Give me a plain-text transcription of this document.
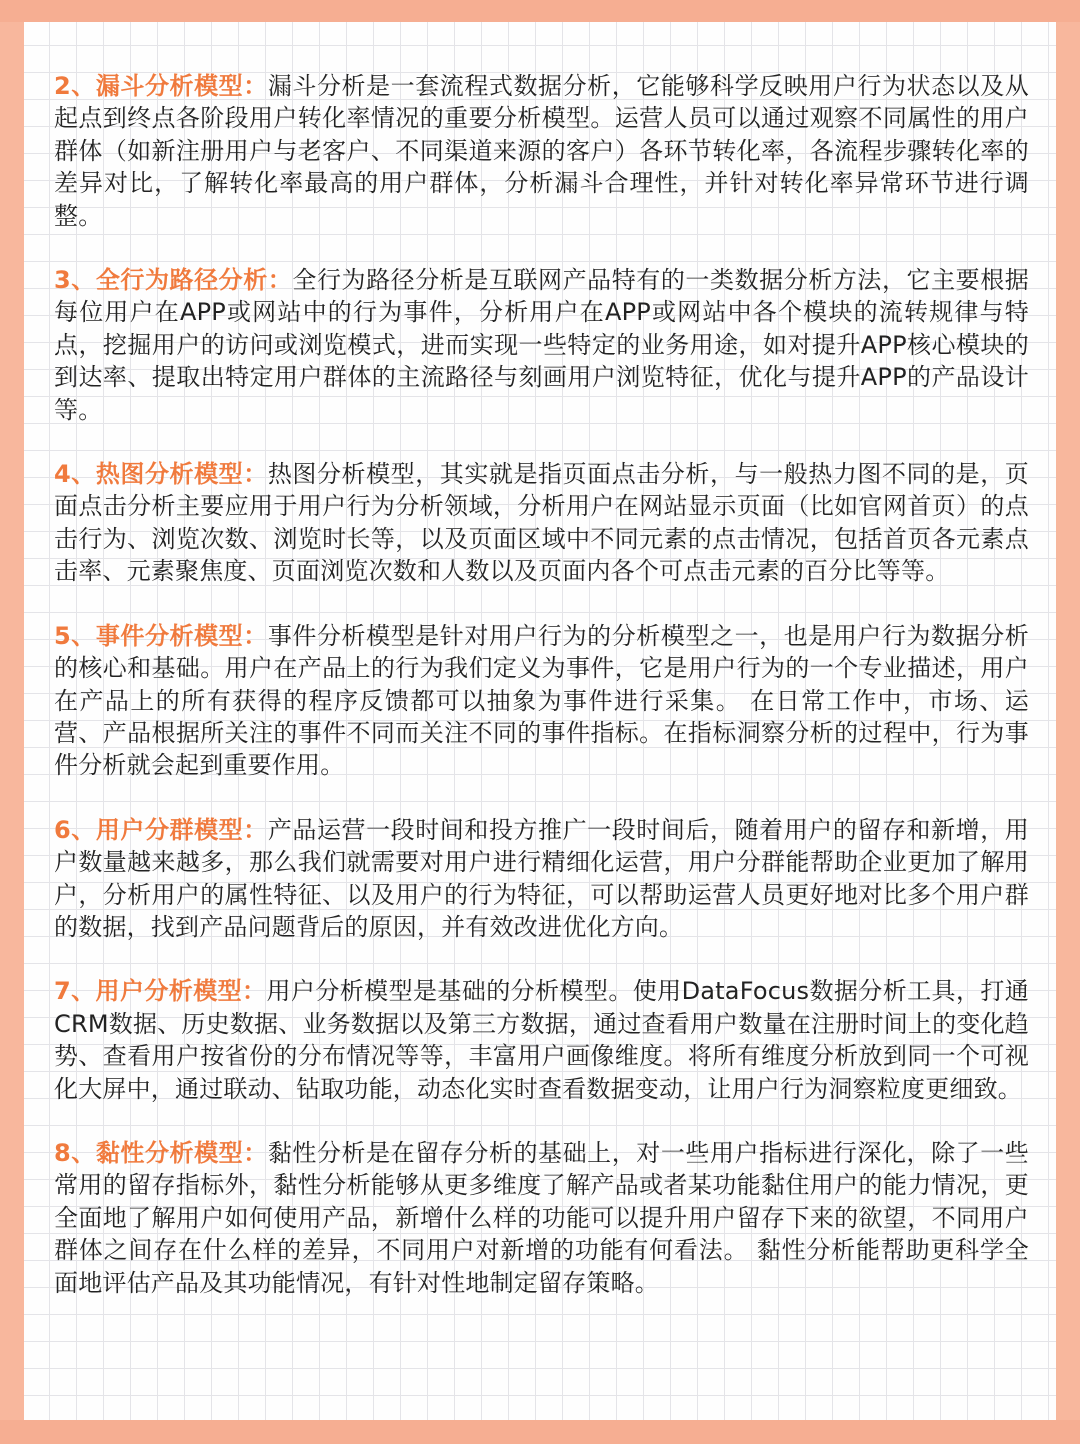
2、漏斗分析模型：漏斗分析是一套流程式数据分析，它能够科学反映用户行为状态以及从起点到终点各阶段用户转化率情况的重要分析模型。运营人员可以通过观察不同属性的用户群体（如新注册用户与老客户、不同渠道来源的客户）各环节转化率，各流程步骤转化率的差异对比，了解转化率最高的用户群体，分析漏斗合理性，并针对转化率异常环节进行调整。

3、全行为路径分析：全行为路径分析是互联网产品特有的一类数据分析方法，它主要根据每位用户在APP或网站中的行为事件，分析用户在APP或网站中各个模块的流转规律与特点，挖掘用户的访问或浏览模式，进而实现一些特定的业务用途，如对提升APP核心模块的到达率、提取出特定用户群体的主流路径与刻画用户浏览特征，优化与提升APP的产品设计等。

4、热图分析模型：热图分析模型，其实就是指页面点击分析，与一般热力图不同的是，页面点击分析主要应用于用户行为分析领域，分析用户在网站显示页面（比如官网首页）的点击行为、浏览次数、浏览时长等，以及页面区域中不同元素的点击情况，包括首页各元素点击率、元素聚焦度、页面浏览次数和人数以及页面内各个可点击元素的百分比等等。

5、事件分析模型：事件分析模型是针对用户行为的分析模型之一，也是用户行为数据分析的核心和基础。用户在产品上的行为我们定义为事件，它是用户行为的一个专业描述，用户在产品上的所有获得的程序反馈都可以抽象为事件进行采集。 在日常工作中，市场、运营、产品根据所关注的事件不同而关注不同的事件指标。在指标洞察分析的过程中，行为事件分析就会起到重要作用。

6、用户分群模型：产品运营一段时间和投方推广一段时间后，随着用户的留存和新增，用户数量越来越多，那么我们就需要对用户进行精细化运营，用户分群能帮助企业更加了解用户，分析用户的属性特征、以及用户的行为特征，可以帮助运营人员更好地对比多个用户群的数据，找到产品问题背后的原因，并有效改进优化方向。

7、用户分析模型：用户分析模型是基础的分析模型。使用DataFocus数据分析工具，打通CRM数据、历史数据、业务数据以及第三方数据，通过查看用户数量在注册时间上的变化趋势、查看用户按省份的分布情况等等，丰富用户画像维度。将所有维度分析放到同一个可视化大屏中，通过联动、钻取功能，动态化实时查看数据变动，让用户行为洞察粒度更细致。

8、黏性分析模型：黏性分析是在留存分析的基础上，对一些用户指标进行深化，除了一些常用的留存指标外，黏性分析能够从更多维度了解产品或者某功能黏住用户的能力情况，更全面地了解用户如何使用产品，新增什么样的功能可以提升用户留存下来的欲望，不同用户群体之间存在什么样的差异，不同用户对新增的功能有何看法。 黏性分析能帮助更科学全面地评估产品及其功能情况，有针对性地制定留存策略。
